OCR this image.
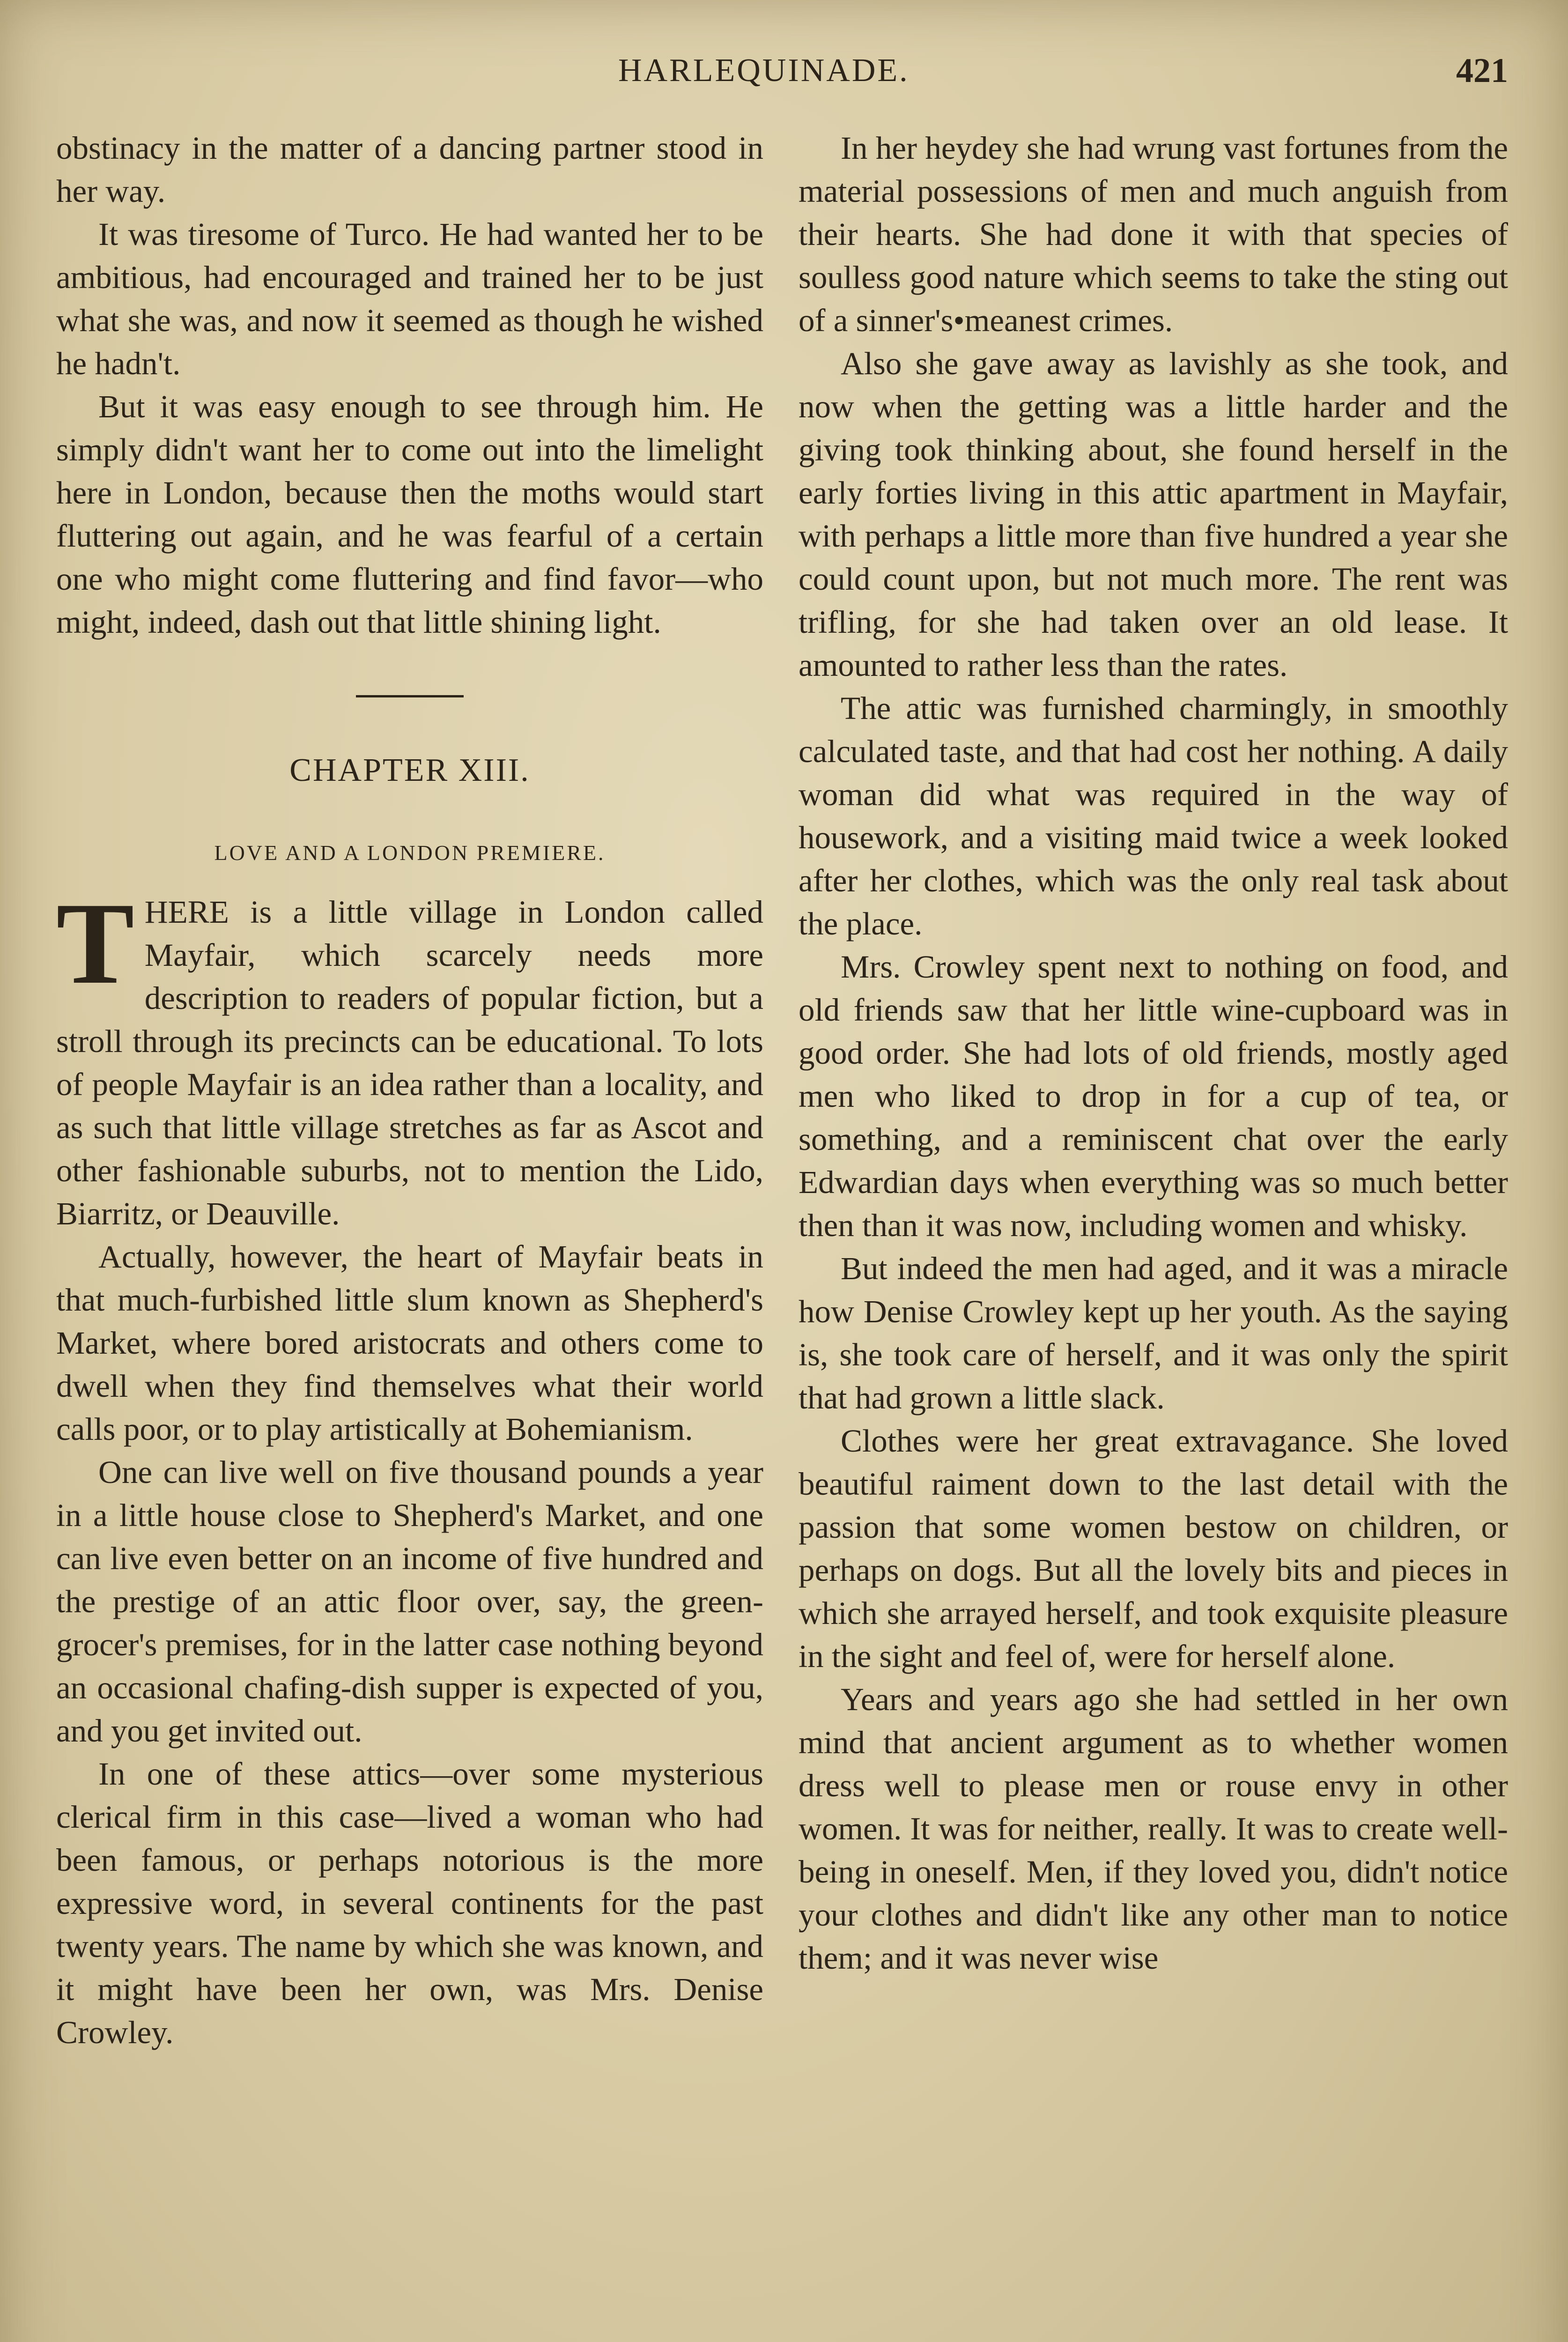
HARLEQUINADE.	421

obstinacy in the matter of a dancing partner stood in her way.

It was tiresome of Turco. He had wanted her to be ambitious, had encouraged and trained her to be just what she was, and now it seemed as though he wished he hadn't.

But it was easy enough to see through him. He simply didn't want her to come out into the limelight here in London, because then the moths would start fluttering out again, and he was fearful of a certain one who might come fluttering and find favor—who might, indeed, dash out that little shining light.

CHAPTER XIII.
LOVE AND A LONDON PREMIERE.

THERE is a little village in London called Mayfair, which scarcely needs more description to readers of popular fiction, but a stroll through its precincts can be educational. To lots of people Mayfair is an idea rather than a locality, and as such that little village stretches as far as Ascot and other fashionable suburbs, not to mention the Lido, Biarritz, or Deauville.

Actually, however, the heart of Mayfair beats in that much-furbished little slum known as Shepherd's Market, where bored aristocrats and others come to dwell when they find themselves what their world calls poor, or to play artistically at Bohemianism.

One can live well on five thousand pounds a year in a little house close to Shepherd's Market, and one can live even better on an income of five hundred and the prestige of an attic floor over, say, the green-grocer's premises, for in the latter case nothing beyond an occasional chafing-dish supper is expected of you, and you get invited out.

In one of these attics—over some mysterious clerical firm in this case—lived a woman who had been famous, or perhaps notorious is the more expressive word, in several continents for the past twenty years. The name by which she was known, and it might have been her own, was Mrs. Denise Crowley.

In her heydey she had wrung vast fortunes from the material possessions of men and much anguish from their hearts. She had done it with that species of soulless good nature which seems to take the sting out of a sinner's•meanest crimes.

Also she gave away as lavishly as she took, and now when the getting was a little harder and the giving took thinking about, she found herself in the early forties living in this attic apartment in Mayfair, with perhaps a little more than five hundred a year she could count upon, but not much more. The rent was trifling, for she had taken over an old lease. It amounted to rather less than the rates.

The attic was furnished charmingly, in smoothly calculated taste, and that had cost her nothing. A daily woman did what was required in the way of housework, and a visiting maid twice a week looked after her clothes, which was the only real task about the place.

Mrs. Crowley spent next to nothing on food, and old friends saw that her little wine-cupboard was in good order. She had lots of old friends, mostly aged men who liked to drop in for a cup of tea, or something, and a reminiscent chat over the early Edwardian days when everything was so much better then than it was now, including women and whisky.

But indeed the men had aged, and it was a miracle how Denise Crowley kept up her youth. As the saying is, she took care of herself, and it was only the spirit that had grown a little slack.

Clothes were her great extravagance. She loved beautiful raiment down to the last detail with the passion that some women bestow on children, or perhaps on dogs. But all the lovely bits and pieces in which she arrayed herself, and took exquisite pleasure in the sight and feel of, were for herself alone.

Years and years ago she had settled in her own mind that ancient argument as to whether women dress well to please men or rouse envy in other women. It was for neither, really. It was to create well-being in oneself. Men, if they loved you, didn't notice your clothes and didn't like any other man to notice them; and it was never wise
